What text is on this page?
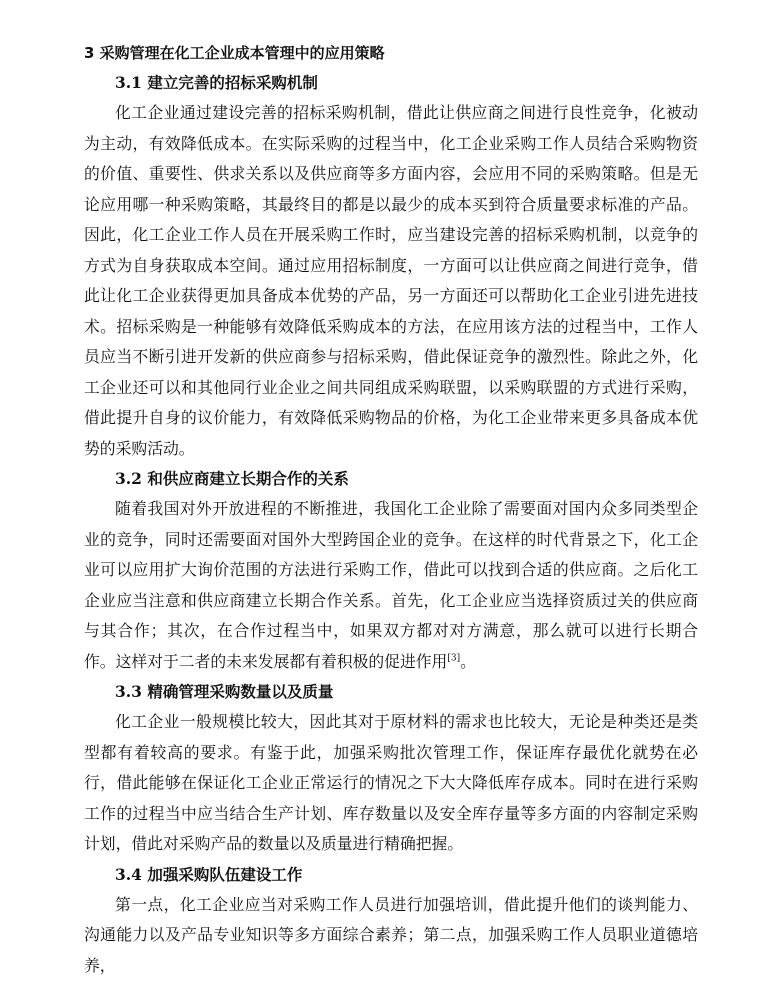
3 采购管理在化工企业成本管理中的应用策略
3.1 建立完善的招标采购机制

化工企业通过建设完善的招标采购机制，借此让供应商之间进行良性竞争，化被动为主动，有效降低成本。在实际采购的过程当中，化工企业采购工作人员结合采购物资的价值、重要性、供求关系以及供应商等多方面内容，会应用不同的采购策略。但是无论应用哪一种采购策略，其最终目的都是以最少的成本买到符合质量要求标准的产品。因此，化工企业工作人员在开展采购工作时，应当建设完善的招标采购机制，以竞争的方式为自身获取成本空间。通过应用招标制度，一方面可以让供应商之间进行竞争，借此让化工企业获得更加具备成本优势的产品，另一方面还可以帮助化工企业引进先进技术。招标采购是一种能够有效降低采购成本的方法，在应用该方法的过程当中，工作人员应当不断引进开发新的供应商参与招标采购，借此保证竞争的激烈性。除此之外，化工企业还可以和其他同行业企业之间共同组成采购联盟，以采购联盟的方式进行采购，借此提升自身的议价能力，有效降低采购物品的价格，为化工企业带来更多具备成本优势的采购活动。

3.2 和供应商建立长期合作的关系

随着我国对外开放进程的不断推进，我国化工企业除了需要面对国内众多同类型企业的竞争，同时还需要面对国外大型跨国企业的竞争。在这样的时代背景之下，化工企业可以应用扩大询价范围的方法进行采购工作，借此可以找到合适的供应商。之后化工企业应当注意和供应商建立长期合作关系。首先，化工企业应当选择资质过关的供应商与其合作；其次，在合作过程当中，如果双方都对对方满意，那么就可以进行长期合作。这样对于二者的未来发展都有着积极的促进作用[3]。

3.3 精确管理采购数量以及质量

化工企业一般规模比较大，因此其对于原材料的需求也比较大，无论是种类还是类型都有着较高的要求。有鉴于此，加强采购批次管理工作，保证库存最优化就势在必行，借此能够在保证化工企业正常运行的情况之下大大降低库存成本。同时在进行采购工作的过程当中应当结合生产计划、库存数量以及安全库存量等多方面的内容制定采购计划，借此对采购产品的数量以及质量进行精确把握。

3.4 加强采购队伍建设工作

第一点，化工企业应当对采购工作人员进行加强培训，借此提升他们的谈判能力、沟通能力以及产品专业知识等多方面综合素养；第二点，加强采购工作人员职业道德培养，
